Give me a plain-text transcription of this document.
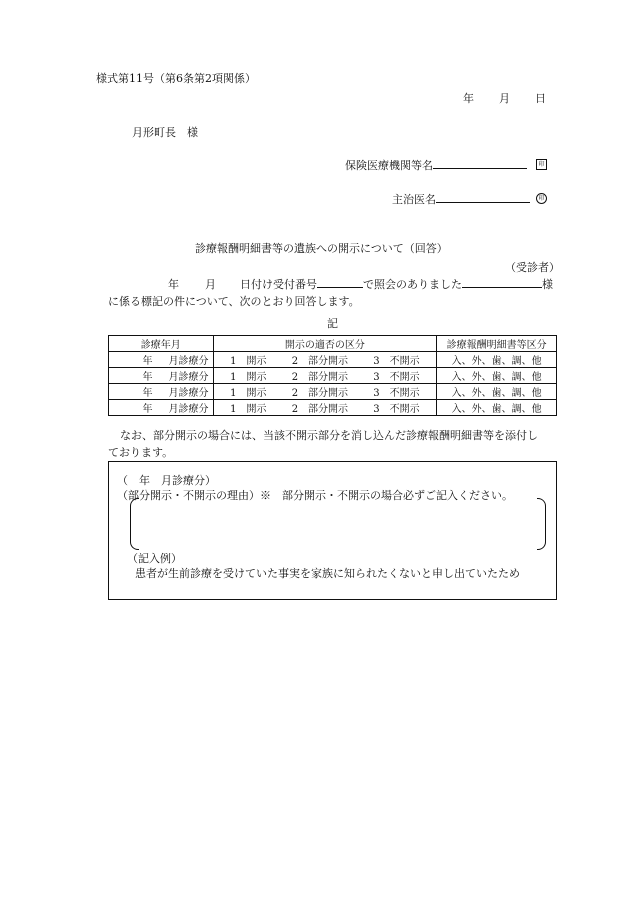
様式第11号（第6条第2項関係）
年 月 日
月形町長　様
保険医療機関等名	印
主治医名	印
診療報酬明細書等の遺族への開示について（回答）
（受診者）
年 月 日付け受付番号	で照会のありました	様
に係る標記の件について、次のとおり回答します。
記
診療年月	開示の適否の区分	診療報酬明細書等区分

年 月診療分	1　開示 2　部分開示 3　不開示	入、外、歯、調、他

年 月診療分	1　開示 2　部分開示 3　不開示	入、外、歯、調、他

年 月診療分	1　開示 2　部分開示 3　不開示	入、外、歯、調、他

年 月診療分	1　開示 2　部分開示 3　不開示	入、外、歯、調、他
なお、部分開示の場合には、当該不開示部分を消し込んだ診療報酬明細書等を添付し
ております。
（　年　月診療分）
（部分開示・不開示の理由）※　部分開示・不開示の場合必ずご記入ください。
（記入例）
患者が生前診療を受けていた事実を家族に知られたくないと申し出ていたため
